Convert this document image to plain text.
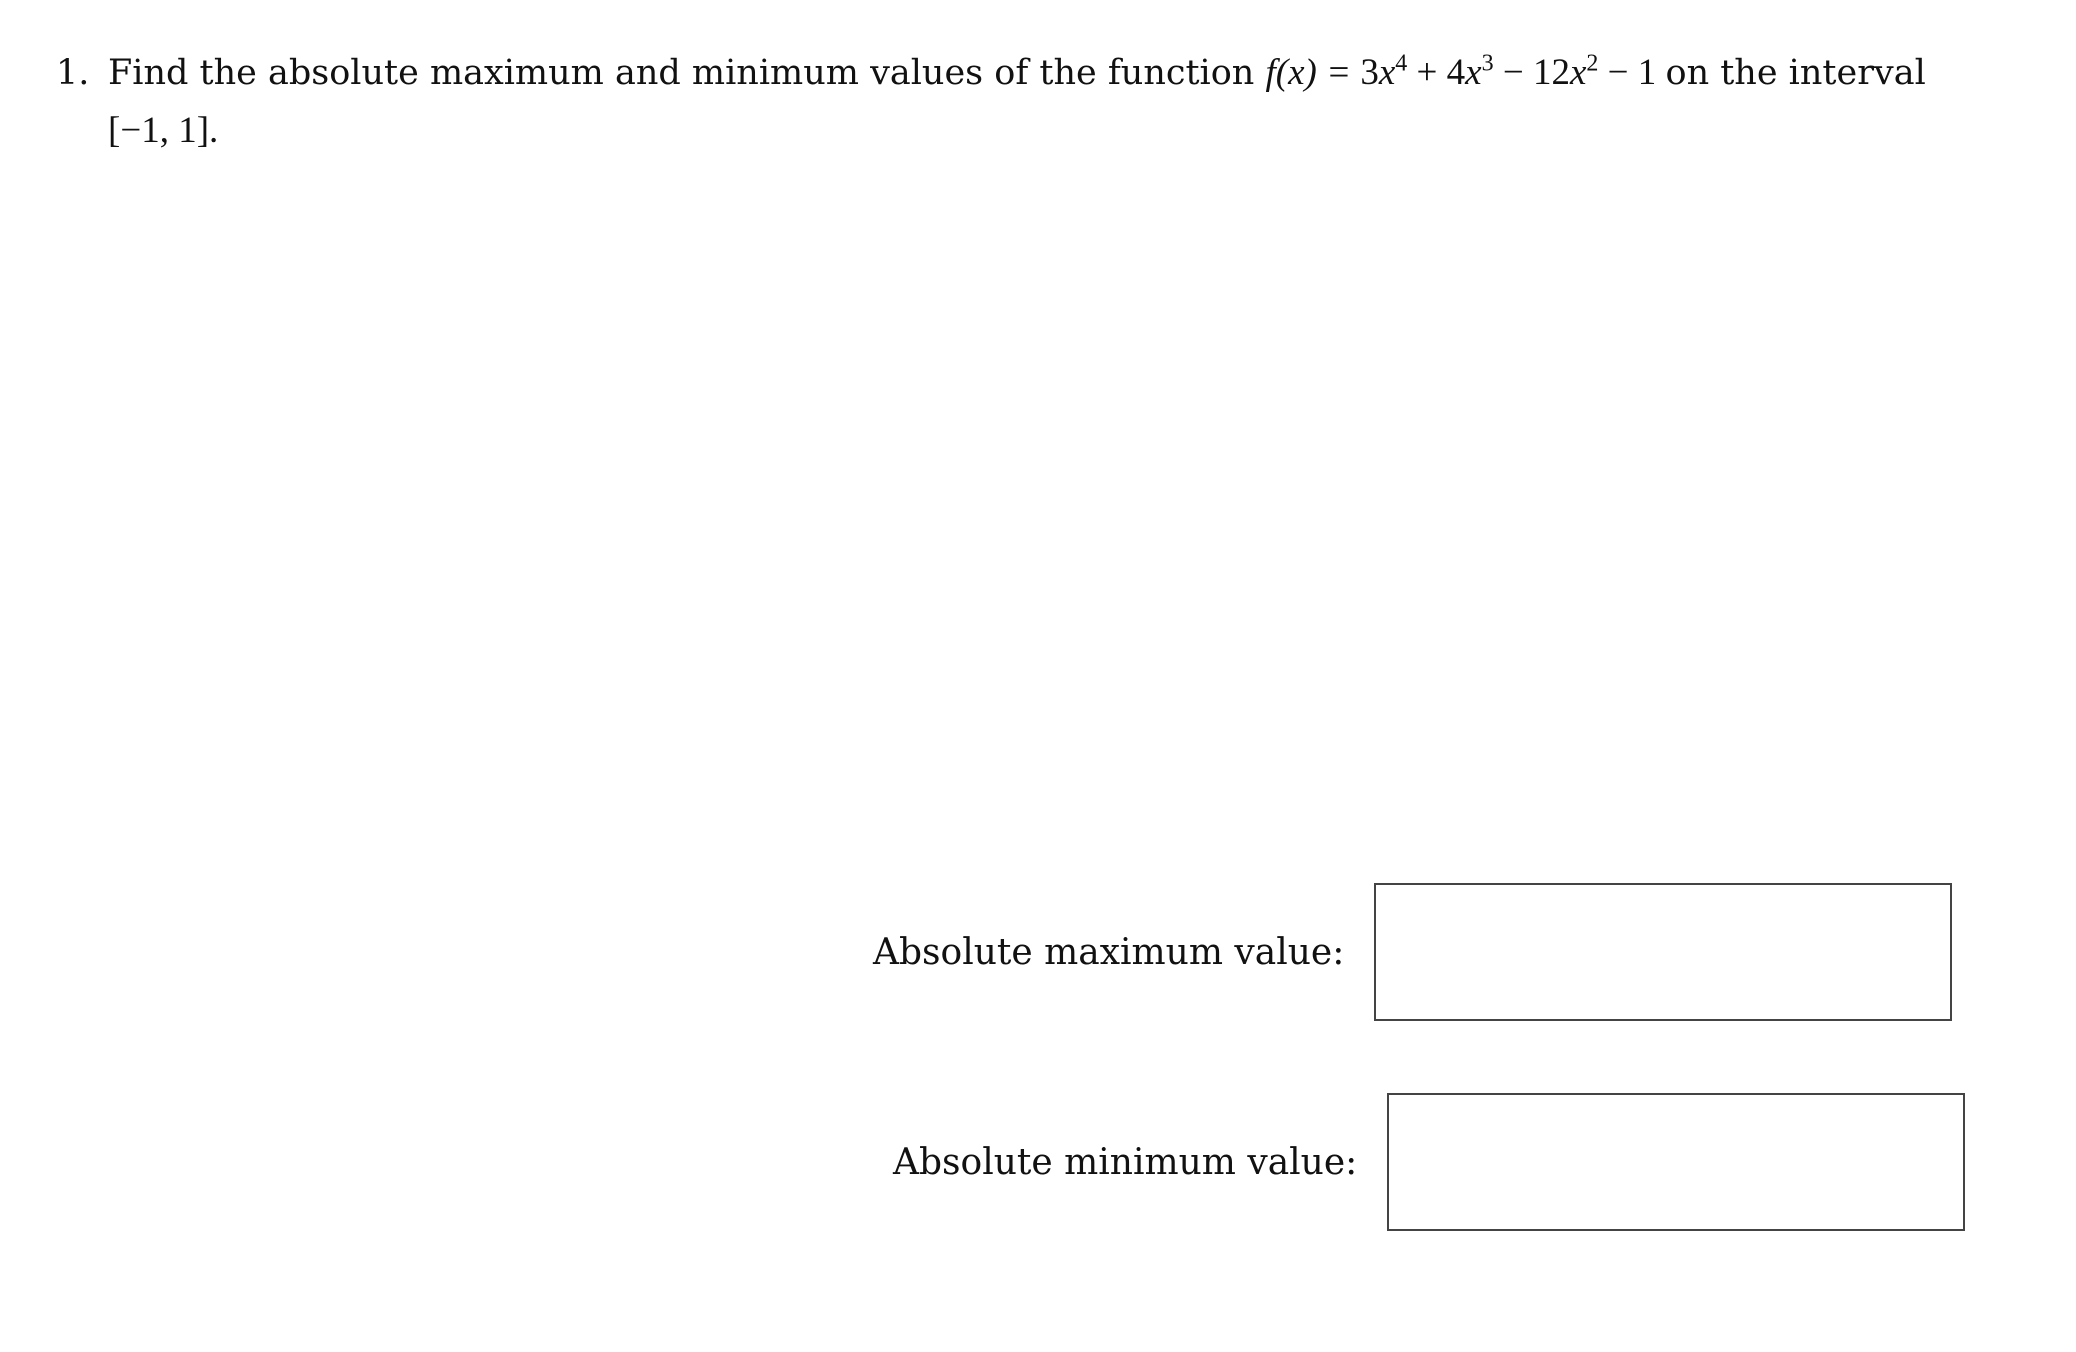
1. Find the absolute maximum and minimum values of the function $f(x) = 3x^4 + 4x^3 - 12x^2 - 1$ on the interval
[−1, 1].
Absolute maximum value:
Absolute minimum value:
